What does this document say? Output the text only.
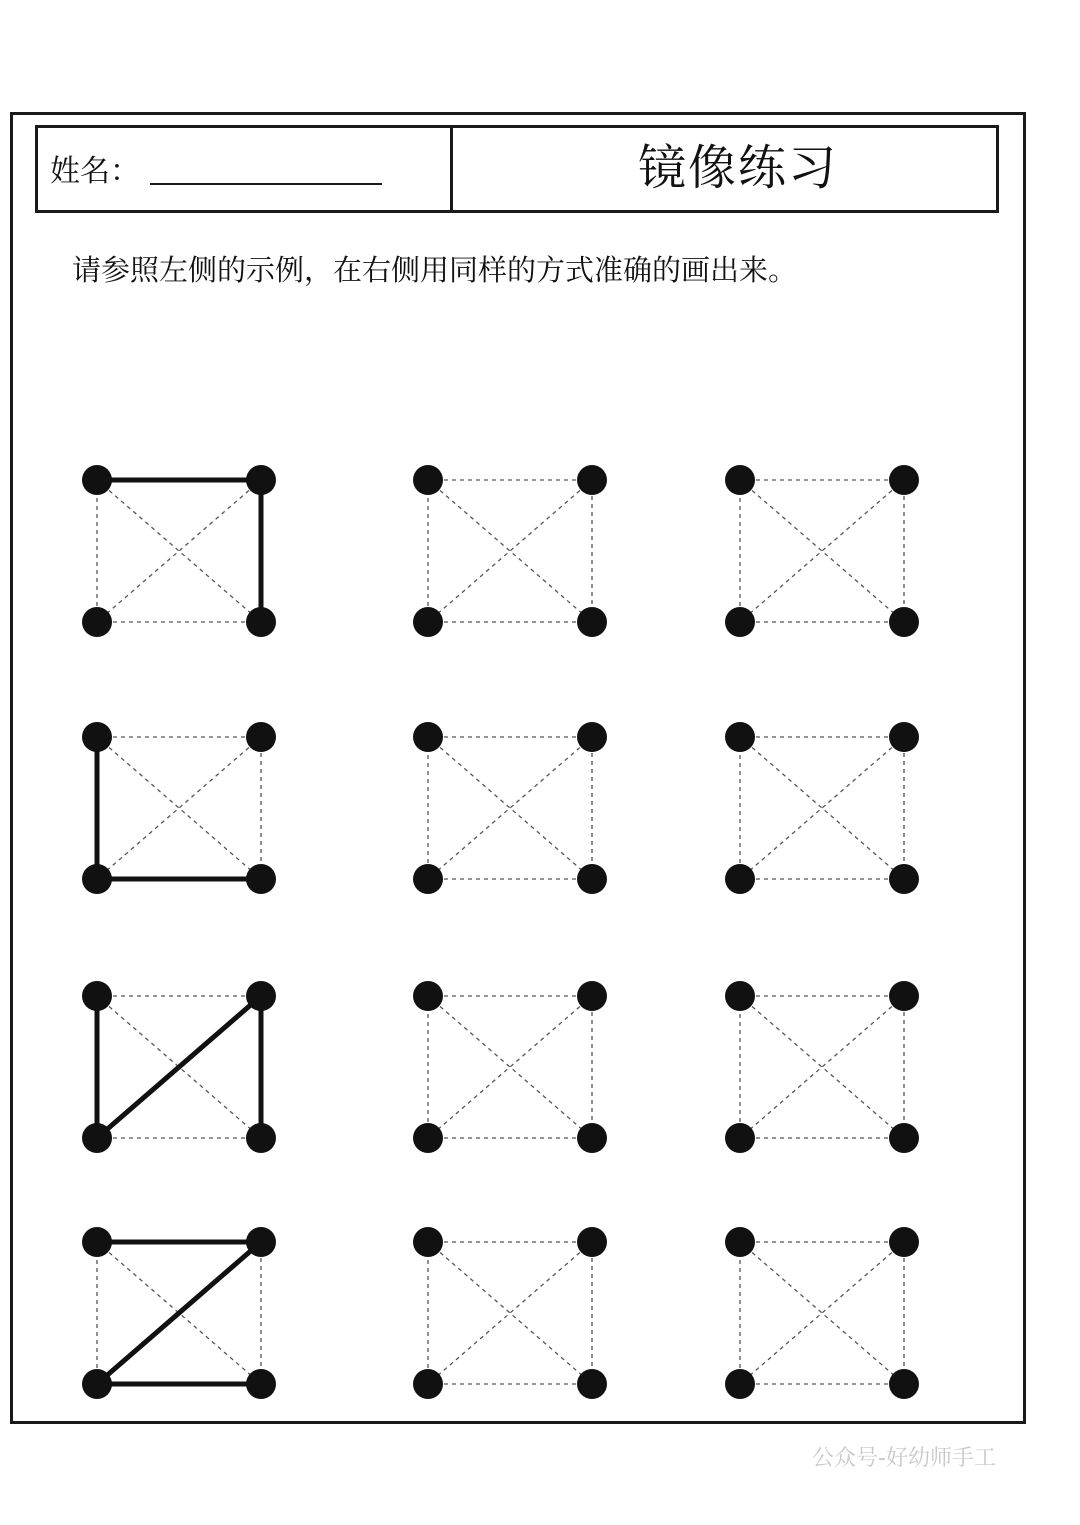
姓名：	镜像练习
请参照左侧的示例，在右侧用同样的方式准确的画出来。
公众号-好幼师手工
